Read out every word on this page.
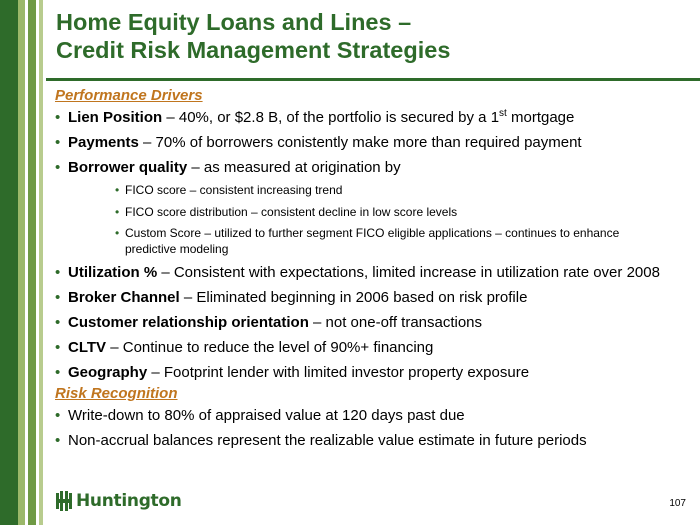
Home Equity Loans and Lines –
Credit Risk Management Strategies

Performance Drivers

• Lien Position – 40%, or $2.8 B, of the portfolio is secured by a 1st mortgage

• Payments – 70% of borrowers conistently make more than required payment

• Borrower quality – as measured at origination by

• FICO score – consistent increasing trend

• FICO score distribution – consistent decline in low score levels

• Custom Score – utilized to further segment FICO eligible applications – continues to enhance predictive modeling

• Utilization % – Consistent with expectations, limited increase in utilization rate over 2008

• Broker Channel – Eliminated beginning in 2006 based on risk profile

• Customer relationship orientation – not one-off transactions

• CLTV – Continue to reduce the level of 90%+ financing

• Geography – Footprint lender with limited investor property exposure

Risk Recognition

• Write-down to 80% of appraised value at 120 days past due

• Non-accrual balances represent the realizable value estimate in future periods

Huntington	107
